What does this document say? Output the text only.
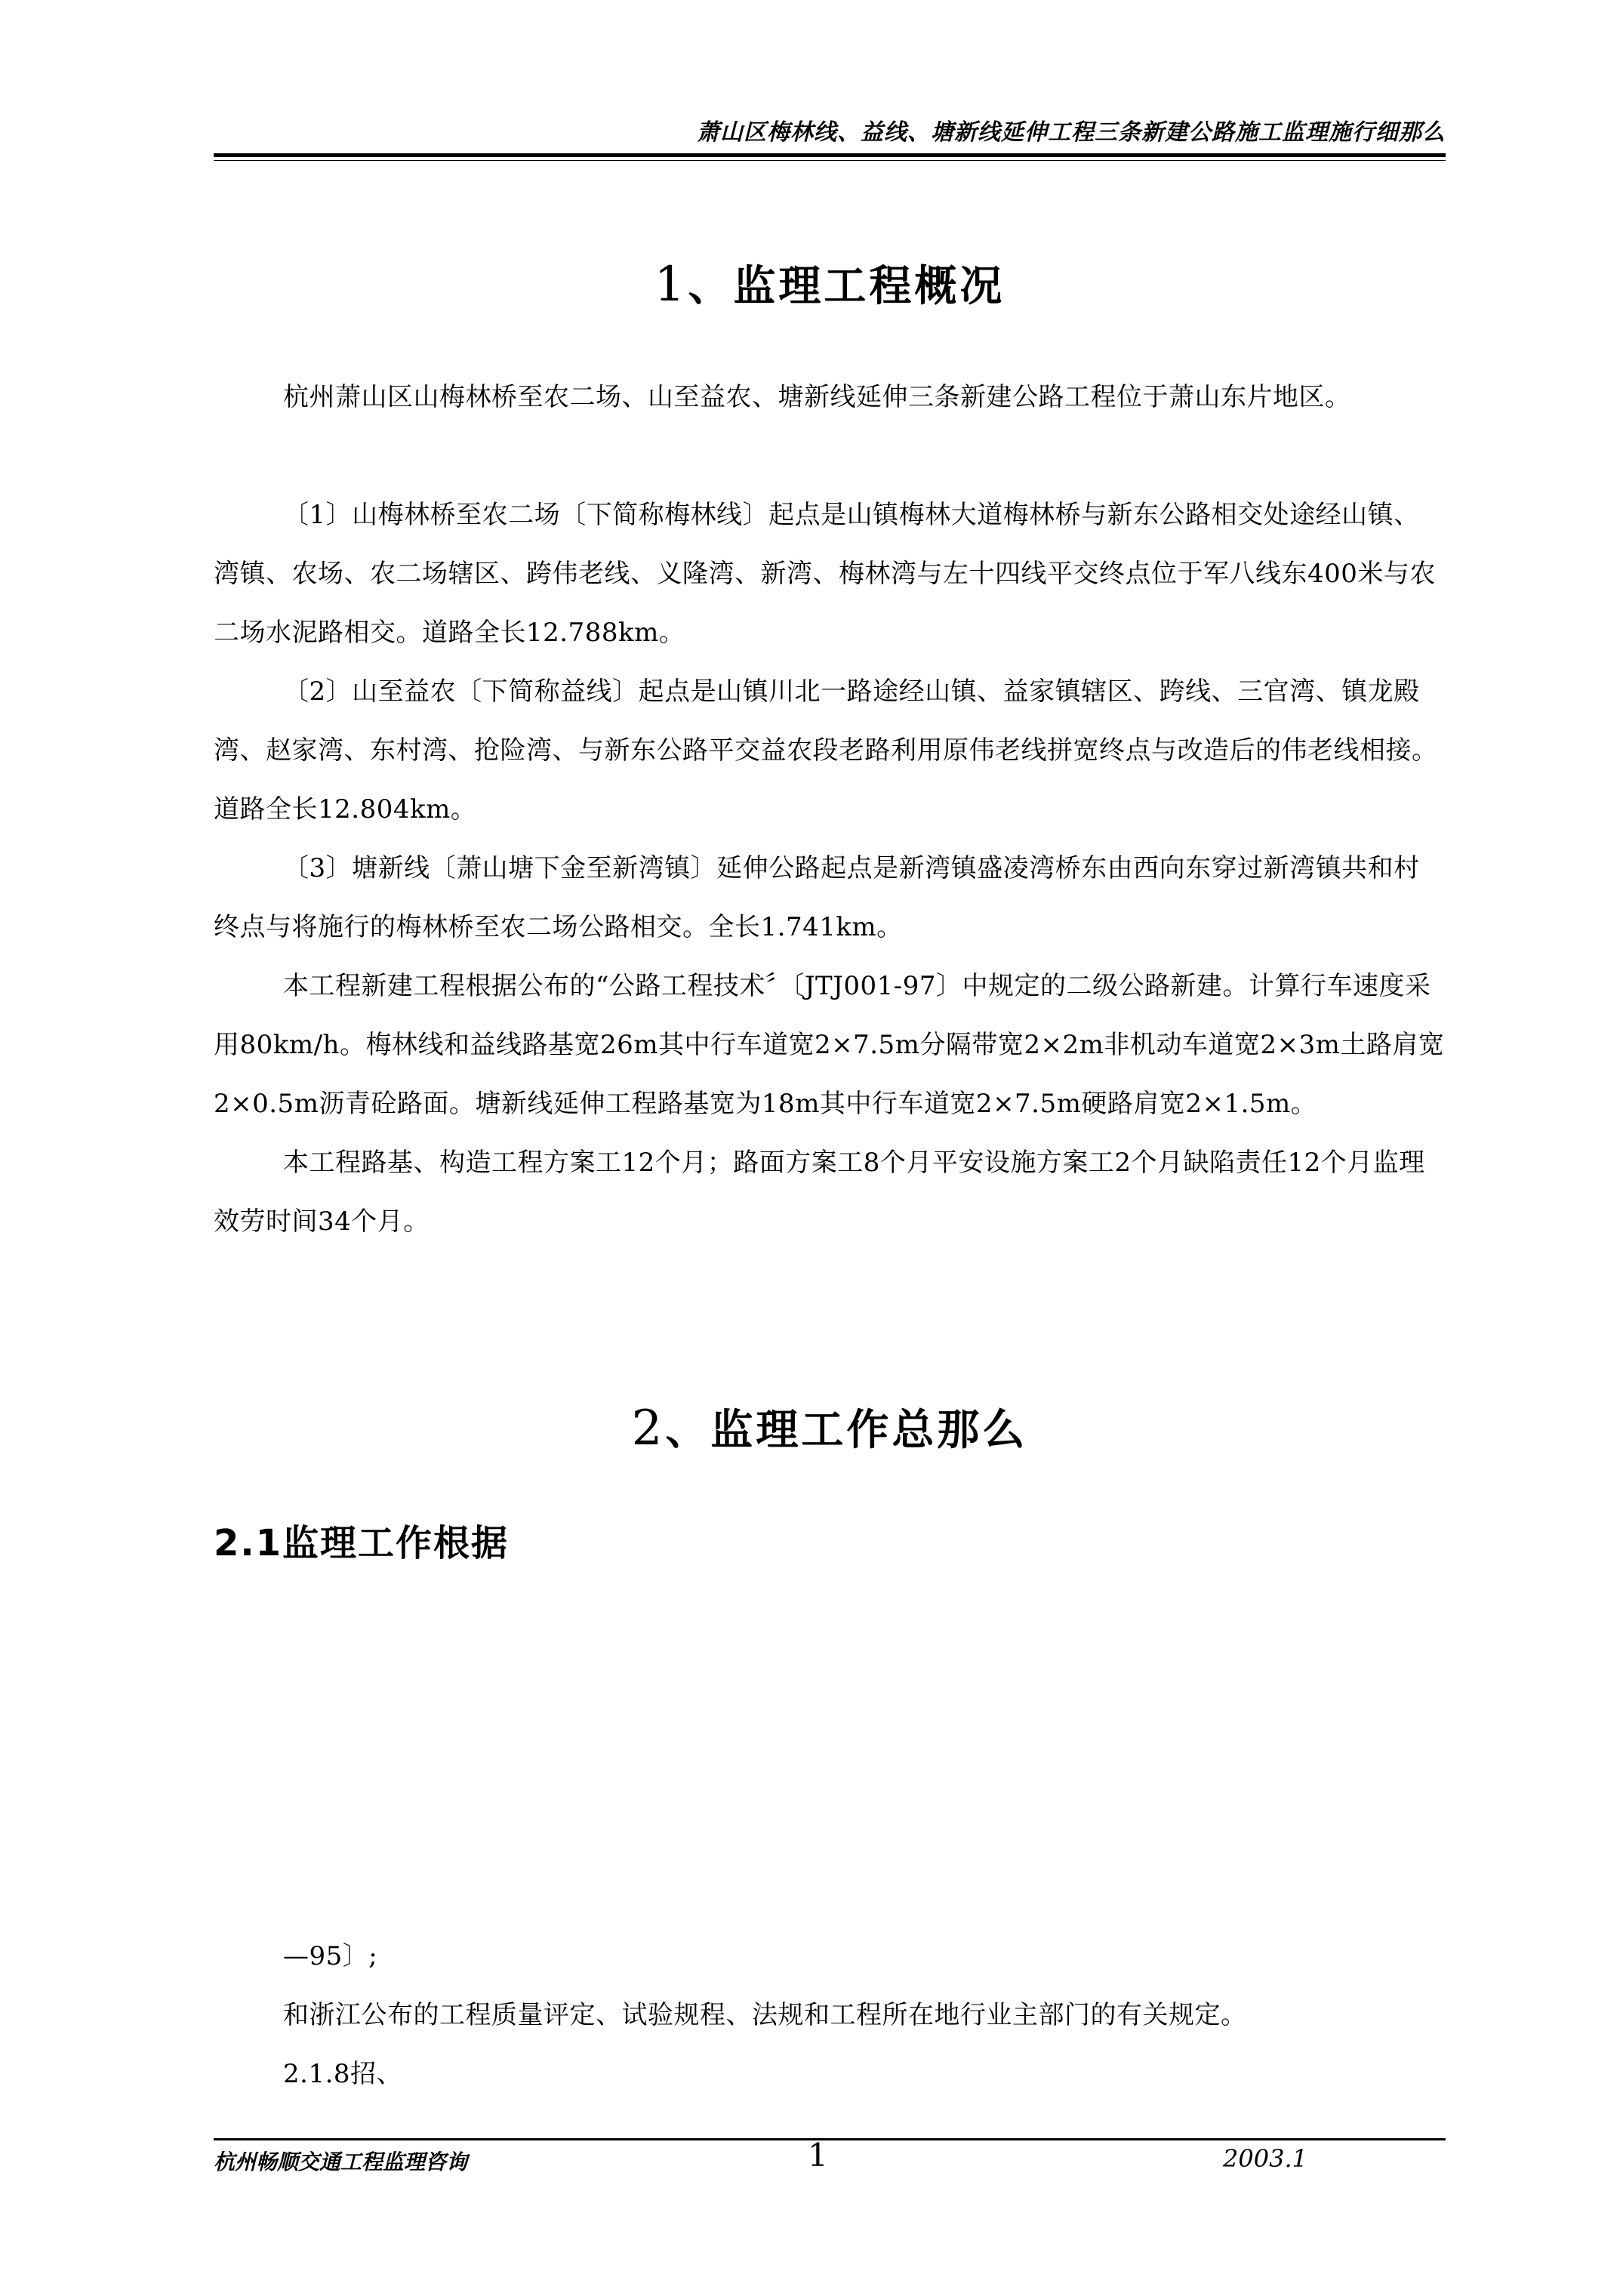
萧山区梅林线、益线、塘新线延伸工程三条新建公路施工监理施行细那么
1、监理工程概况
杭州萧山区山梅林桥至农二场、山至益农、塘新线延伸三条新建公路工程位于萧山东片地区。
〔1〕山梅林桥至农二场〔下简称梅林线〕起点是山镇梅林大道梅林桥与新东公路相交处途经山镇、湾镇、农场、农二场辖区、跨伟老线、义隆湾、新湾、梅林湾与左十四线平交终点位于军八线东400米与农二场水泥路相交。道路全长12.788km。
〔2〕山至益农〔下简称益线〕起点是山镇川北一路途经山镇、益家镇辖区、跨线、三官湾、镇龙殿湾、赵家湾、东村湾、抢险湾、与新东公路平交益农段老路利用原伟老线拼宽终点与改造后的伟老线相接。道路全长12.804km。
〔3〕塘新线〔萧山塘下金至新湾镇〕延伸公路起点是新湾镇盛凌湾桥东由西向东穿过新湾镇共和村终点与将施行的梅林桥至农二场公路相交。全长1.741km。
本工程新建工程根据公布的“公路工程技术〞〔JTJ001-97〕中规定的二级公路新建。计算行车速度采用80km/h。梅林线和益线路基宽26m其中行车道宽2×7.5m分隔带宽2×2m非机动车道宽2×3m土路肩宽2×0.5m沥青砼路面。塘新线延伸工程路基宽为18m其中行车道宽2×7.5m硬路肩宽2×1.5m。
本工程路基、构造工程方案工12个月；路面方案工8个月平安设施方案工2个月缺陷责任12个月监理效劳时间34个月。
2、监理工作总那么
2.1监理工作根据
—95〕;
和浙江公布的工程质量评定、试验规程、法规和工程所在地行业主部门的有关规定。
2.1.8招、
杭州畅顺交通工程监理咨询	1	2003.1
